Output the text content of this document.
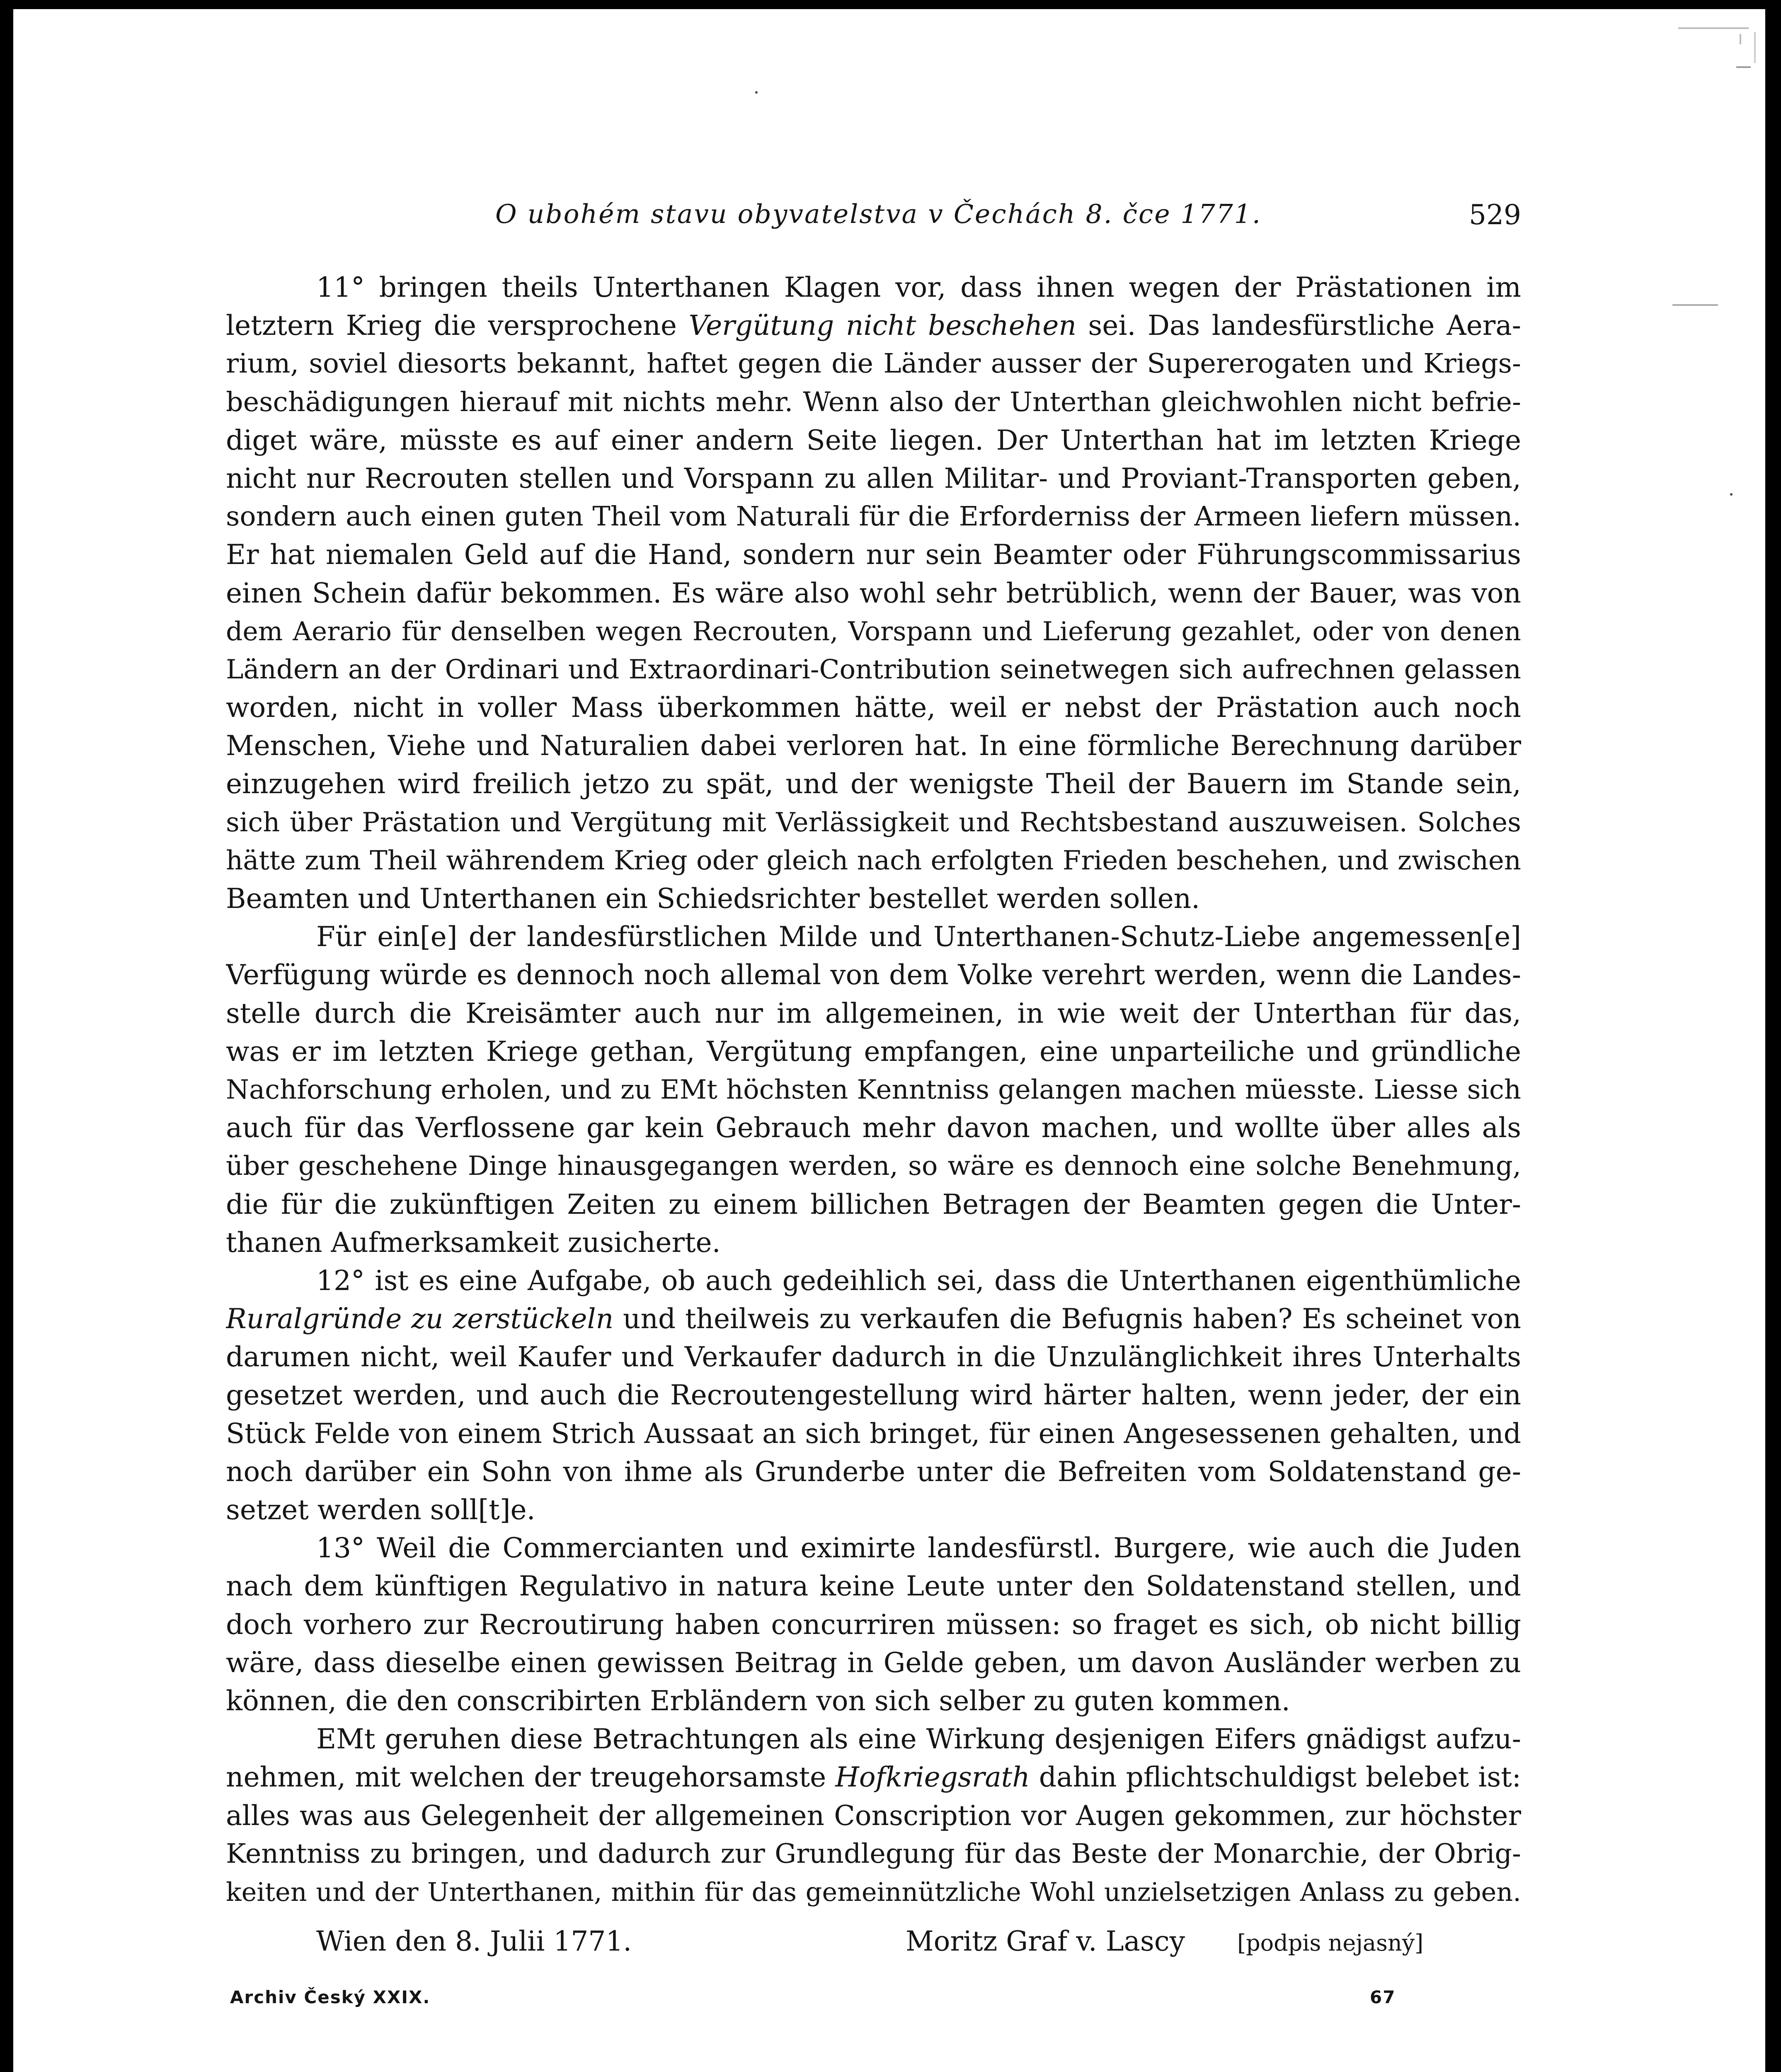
O ubohém stavu obyvatelstva v Čechách 8. čce 1771.	529
11° bringen theils Unterthanen Klagen vor, dass ihnen wegen der Prästationen im
letztern Krieg die versprochene Vergütung nicht beschehen sei. Das landesfürstliche Aera-
rium, soviel diesorts bekannt, haftet gegen die Länder ausser der Supererogaten und Kriegs-
beschädigungen hierauf mit nichts mehr. Wenn also der Unterthan gleichwohlen nicht befrie-
diget wäre, müsste es auf einer andern Seite liegen. Der Unterthan hat im letzten Kriege
nicht nur Recrouten stellen und Vorspann zu allen Militar- und Proviant-Transporten geben,
sondern auch einen guten Theil vom Naturali für die Erforderniss der Armeen liefern müssen.
Er hat niemalen Geld auf die Hand, sondern nur sein Beamter oder Führungscommissarius
einen Schein dafür bekommen. Es wäre also wohl sehr betrüblich, wenn der Bauer, was von
dem Aerario für denselben wegen Recrouten, Vorspann und Lieferung gezahlet, oder von denen
Ländern an der Ordinari und Extraordinari-Contribution seinetwegen sich aufrechnen gelassen
worden, nicht in voller Mass überkommen hätte, weil er nebst der Prästation auch noch
Menschen, Viehe und Naturalien dabei verloren hat. In eine förmliche Berechnung darüber
einzugehen wird freilich jetzo zu spät, und der wenigste Theil der Bauern im Stande sein,
sich über Prästation und Vergütung mit Verlässigkeit und Rechtsbestand auszuweisen. Solches
hätte zum Theil währendem Krieg oder gleich nach erfolgten Frieden beschehen, und zwischen
Beamten und Unterthanen ein Schiedsrichter bestellet werden sollen.
Für ein[e] der landesfürstlichen Milde und Unterthanen-Schutz-Liebe angemessen[e]
Verfügung würde es dennoch noch allemal von dem Volke verehrt werden, wenn die Landes-
stelle durch die Kreisämter auch nur im allgemeinen, in wie weit der Unterthan für das,
was er im letzten Kriege gethan, Vergütung empfangen, eine unparteiliche und gründliche
Nachforschung erholen, und zu EMt höchsten Kenntniss gelangen machen müesste. Liesse sich
auch für das Verflossene gar kein Gebrauch mehr davon machen, und wollte über alles als
über geschehene Dinge hinausgegangen werden, so wäre es dennoch eine solche Benehmung,
die für die zukünftigen Zeiten zu einem billichen Betragen der Beamten gegen die Unter-
thanen Aufmerksamkeit zusicherte.
12° ist es eine Aufgabe, ob auch gedeihlich sei, dass die Unterthanen eigenthümliche
Ruralgründe zu zerstückeln und theilweis zu verkaufen die Befugnis haben? Es scheinet von
darumen nicht, weil Kaufer und Verkaufer dadurch in die Unzulänglichkeit ihres Unterhalts
gesetzet werden, und auch die Recroutengestellung wird härter halten, wenn jeder, der ein
Stück Felde von einem Strich Aussaat an sich bringet, für einen Angesessenen gehalten, und
noch darüber ein Sohn von ihme als Grunderbe unter die Befreiten vom Soldatenstand ge-
setzet werden soll[t]e.
13° Weil die Commercianten und eximirte landesfürstl. Burgere, wie auch die Juden
nach dem künftigen Regulativo in natura keine Leute unter den Soldatenstand stellen, und
doch vorhero zur Recroutirung haben concurriren müssen: so fraget es sich, ob nicht billig
wäre, dass dieselbe einen gewissen Beitrag in Gelde geben, um davon Ausländer werben zu
können, die den conscribirten Erbländern von sich selber zu guten kommen.
EMt geruhen diese Betrachtungen als eine Wirkung desjenigen Eifers gnädigst aufzu-
nehmen, mit welchen der treugehorsamste Hofkriegsrath dahin pflichtschuldigst belebet ist:
alles was aus Gelegenheit der allgemeinen Conscription vor Augen gekommen, zur höchster
Kenntniss zu bringen, und dadurch zur Grundlegung für das Beste der Monarchie, der Obrig-
keiten und der Unterthanen, mithin für das gemeinnützliche Wohl unzielsetzigen Anlass zu geben.
Wien den 8. Julii 1771.	Moritz Graf v. Lascy [podpis nejasný]
Archiv Český XXIX.	67
